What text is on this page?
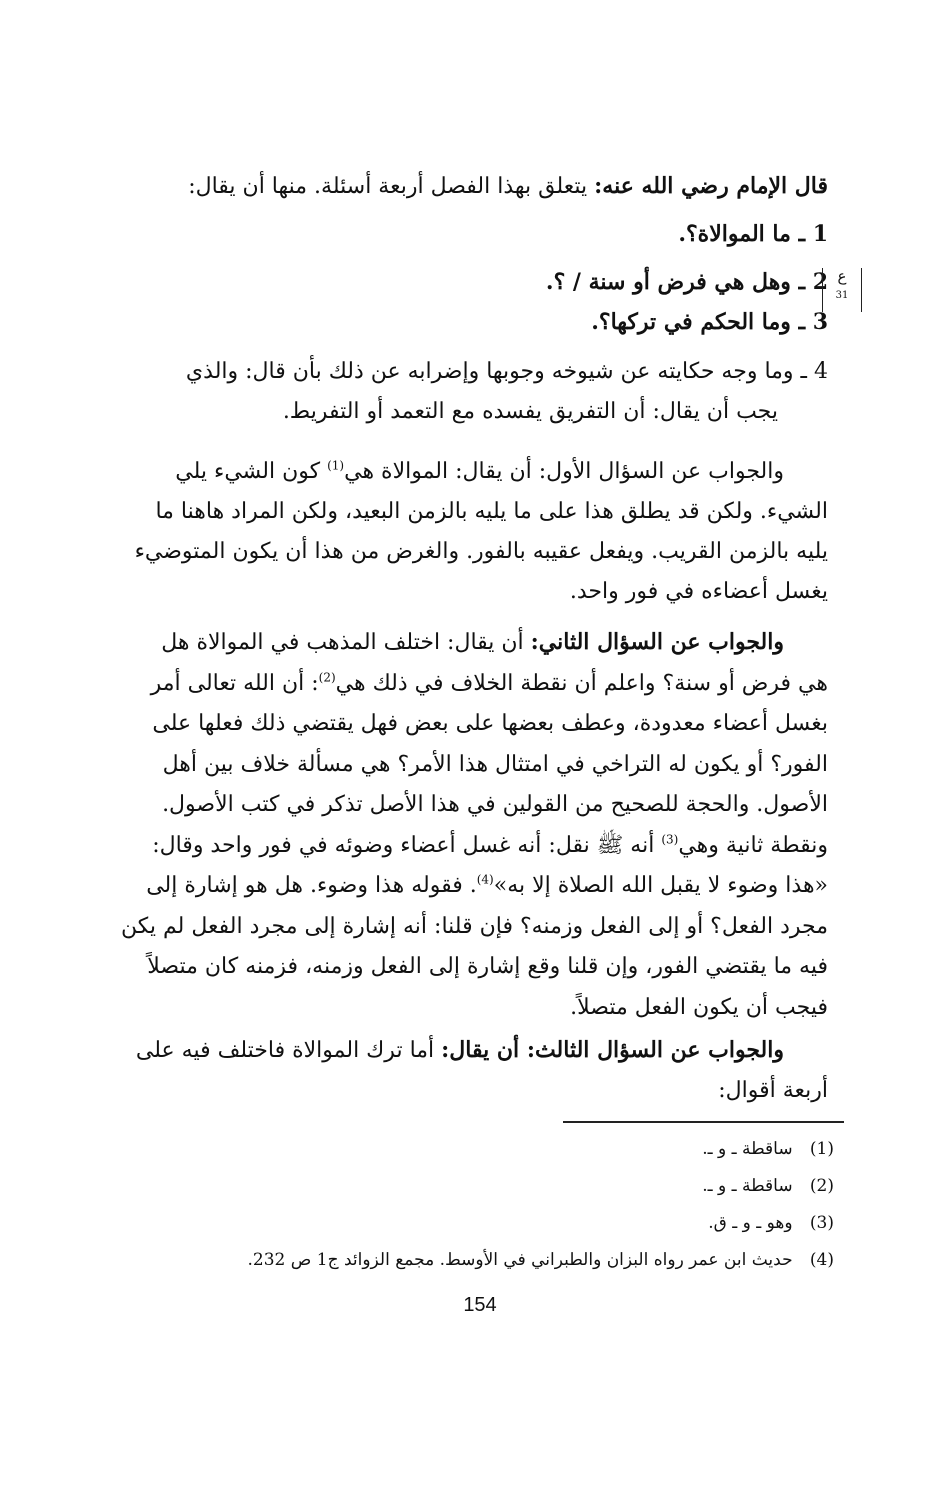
قال الإمام رضي الله عنه: يتعلق بهذا الفصل أربعة أسئلة. منها أن يقال:
1 ـ ما الموالاة؟.
2 ـ وهل هي فرض أو سنة / ؟.
3 ـ وما الحكم في تركها؟.
4 ـ وما وجه حكايته عن شيوخه وجوبها وإضرابه عن ذلك بأن قال: والذي
يجب أن يقال: أن التفريق يفسده مع التعمد أو التفريط.
ع
31
والجواب عن السؤال الأول: أن يقال: الموالاة هي$^{(1)}$ كون الشيء يلي
الشيء. ولكن قد يطلق هذا على ما يليه بالزمن البعيد، ولكن المراد هاهنا ما
يليه بالزمن القريب. ويفعل عقيبه بالفور. والغرض من هذا أن يكون المتوضيء
يغسل أعضاءه في فور واحد.
والجواب عن السؤال الثاني: أن يقال: اختلف المذهب في الموالاة هل
هي فرض أو سنة؟ واعلم أن نقطة الخلاف في ذلك هي$^{(2)}$: أن الله تعالى أمر
بغسل أعضاء معدودة، وعطف بعضها على بعض فهل يقتضي ذلك فعلها على
الفور؟ أو يكون له التراخي في امتثال هذا الأمر؟ هي مسألة خلاف بين أهل
الأصول. والحجة للصحيح من القولين في هذا الأصل تذكر في كتب الأصول.
ونقطة ثانية وهي$^{(3)}$ أنه ﷺ نقل: أنه غسل أعضاء وضوئه في فور واحد وقال:
«هذا وضوء لا يقبل الله الصلاة إلا به»$^{(4)}$. فقوله هذا وضوء. هل هو إشارة إلى
مجرد الفعل؟ أو إلى الفعل وزمنه؟ فإن قلنا: أنه إشارة إلى مجرد الفعل لم يكن
فيه ما يقتضي الفور، وإن قلنا وقع إشارة إلى الفعل وزمنه، فزمنه كان متصلاً
فيجب أن يكون الفعل متصلاً.
والجواب عن السؤال الثالث: أن يقال: أما ترك الموالاة فاختلف فيه على
أربعة أقوال:
(1) ساقطة ـ و ـ.
(2) ساقطة ـ و ـ.
(3) وهو ـ و ـ ق.
(4) حديث ابن عمر رواه البزان والطبراني في الأوسط. مجمع الزوائد ج1 ص 232.
154
